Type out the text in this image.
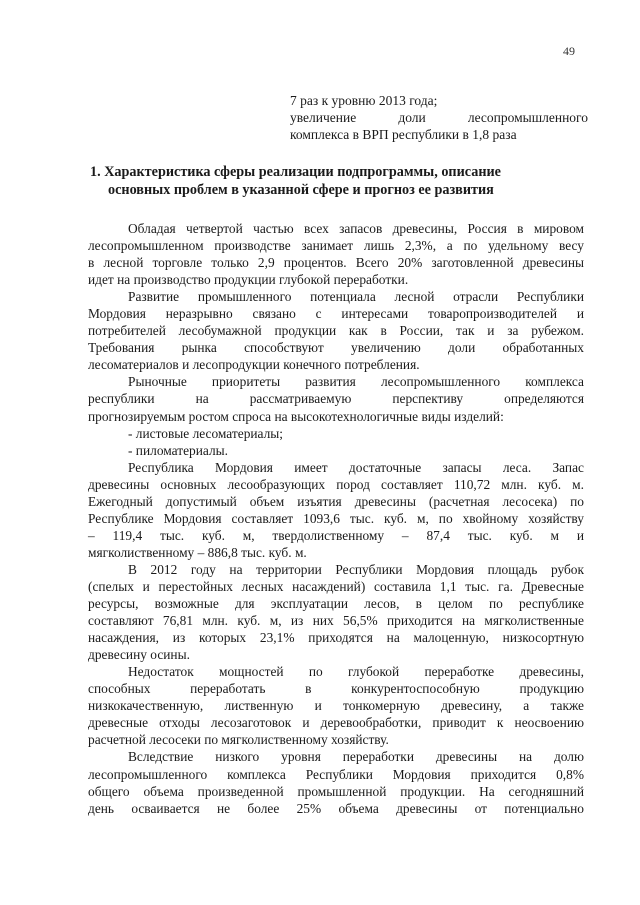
49
7 раз к уровню 2013 года;
увеличение доли лесопромышленного
комплекса в ВРП республики в 1,8 раза
1. Характеристика сферы реализации подпрограммы, описание
основных проблем в указанной сфере и прогноз ее развития
Обладая четвертой частью всех запасов древесины, Россия в мировом
лесопромышленном производстве занимает лишь 2,3%, а по удельному весу
в лесной торговле только 2,9 процентов. Всего 20% заготовленной древесины
идет на производство продукции глубокой переработки.
Развитие промышленного потенциала лесной отрасли Республики
Мордовия неразрывно связано с интересами товаропроизводителей и
потребителей лесобумажной продукции как в России, так и за рубежом.
Требования рынка способствуют увеличению доли обработанных
лесоматериалов и лесопродукции конечного потребления.
Рыночные приоритеты развития лесопромышленного комплекса
республики на рассматриваемую перспективу определяются
прогнозируемым ростом спроса на высокотехнологичные виды изделий:
- листовые лесоматериалы;
- пиломатериалы.
Республика Мордовия имеет достаточные запасы леса. Запас
древесины основных лесообразующих пород составляет 110,72 млн. куб. м.
Ежегодный допустимый объем изъятия древесины (расчетная лесосека) по
Республике Мордовия составляет 1093,6 тыс. куб. м, по хвойному хозяйству
– 119,4 тыс. куб. м, твердолиственному – 87,4 тыс. куб. м и
мягколиственному – 886,8 тыс. куб. м.
В 2012 году на территории Республики Мордовия площадь рубок
(спелых и перестойных лесных насаждений) составила 1,1 тыс. га. Древесные
ресурсы, возможные для эксплуатации лесов, в целом по республике
составляют 76,81 млн. куб. м, из них 56,5% приходится на мягколиственные
насаждения, из которых 23,1% приходятся на малоценную, низкосортную
древесину осины.
Недостаток мощностей по глубокой переработке древесины,
способных переработать в конкурентоспособную продукцию
низкокачественную, лиственную и тонкомерную древесину, а также
древесные отходы лесозаготовок и деревообработки, приводит к неосвоению
расчетной лесосеки по мягколиственному хозяйству.
Вследствие низкого уровня переработки древесины на долю
лесопромышленного комплекса Республики Мордовия приходится 0,8%
общего объема произведенной промышленной продукции. На сегодняшний
день осваивается не более 25% объема древесины от потенциально
